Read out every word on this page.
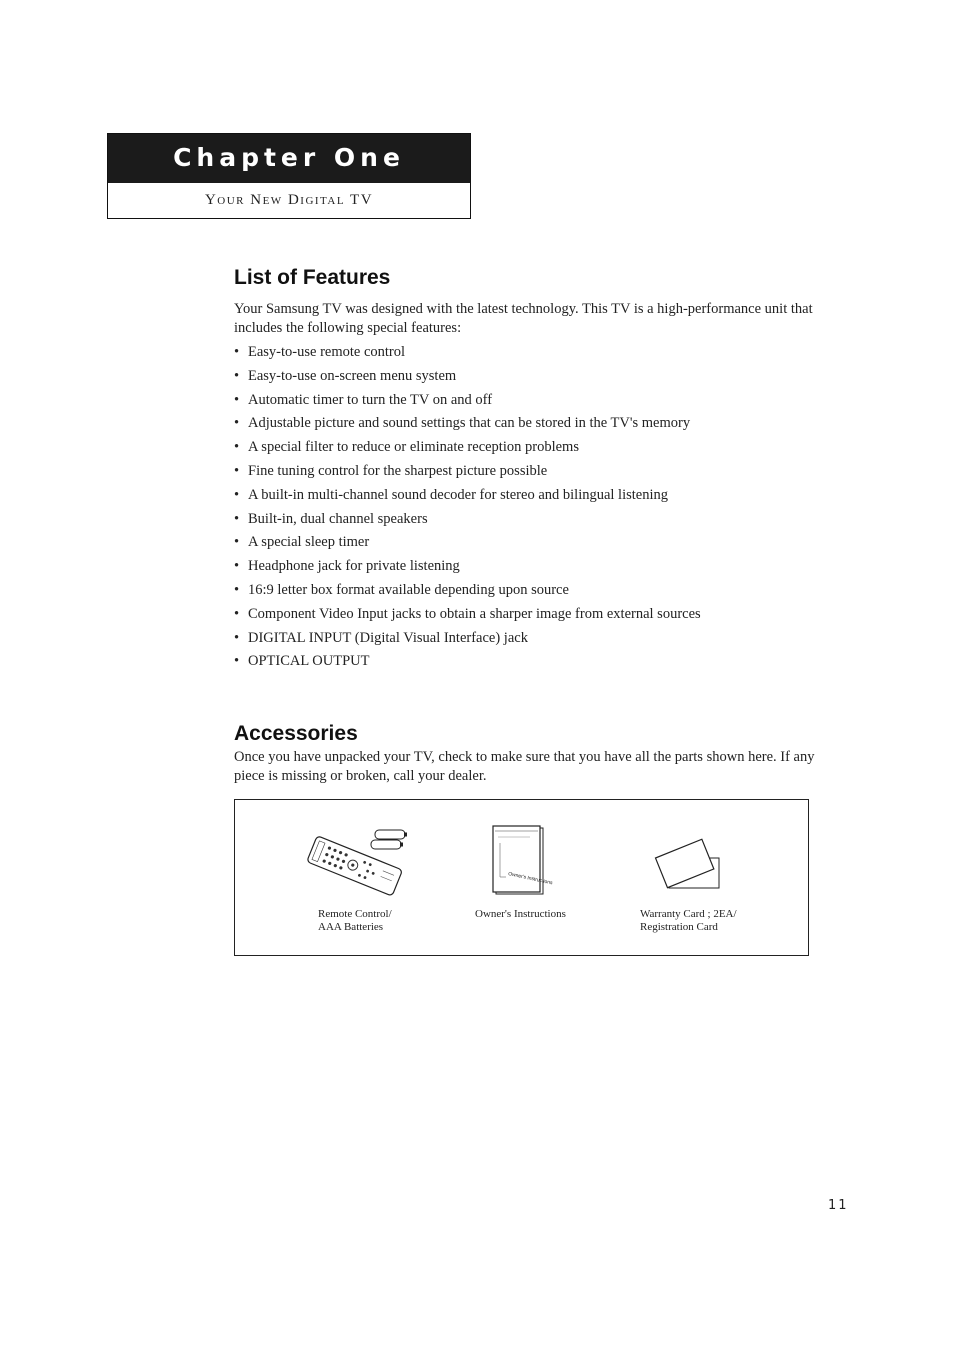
Chapter One
Your New Digital TV
List of Features

Your Samsung TV was designed with the latest technology. This TV is a high-performance unit that includes the following special features:

• Easy-to-use remote control
• Easy-to-use on-screen menu system
• Automatic timer to turn the TV on and off
• Adjustable picture and sound settings that can be stored in the TV's memory
• A special filter to reduce or eliminate reception problems
• Fine tuning control for the sharpest picture possible
• A built-in multi-channel sound decoder for stereo and bilingual listening
• Built-in, dual channel speakers
• A special sleep timer
• Headphone jack for private listening
• 16:9 letter box format available depending upon source
• Component Video Input jacks to obtain a sharper image from external sources
• DIGITAL INPUT (Digital Visual Interface) jack
• OPTICAL OUTPUT
Accessories

Once you have unpacked your TV, check to make sure that you have all the parts shown here. If any piece is missing or broken, call your dealer.

Remote Control/
AAA Batteries
Owner's Instructions
Owner's Instructions	Warranty Card ; 2EA/
Registration Card
11
